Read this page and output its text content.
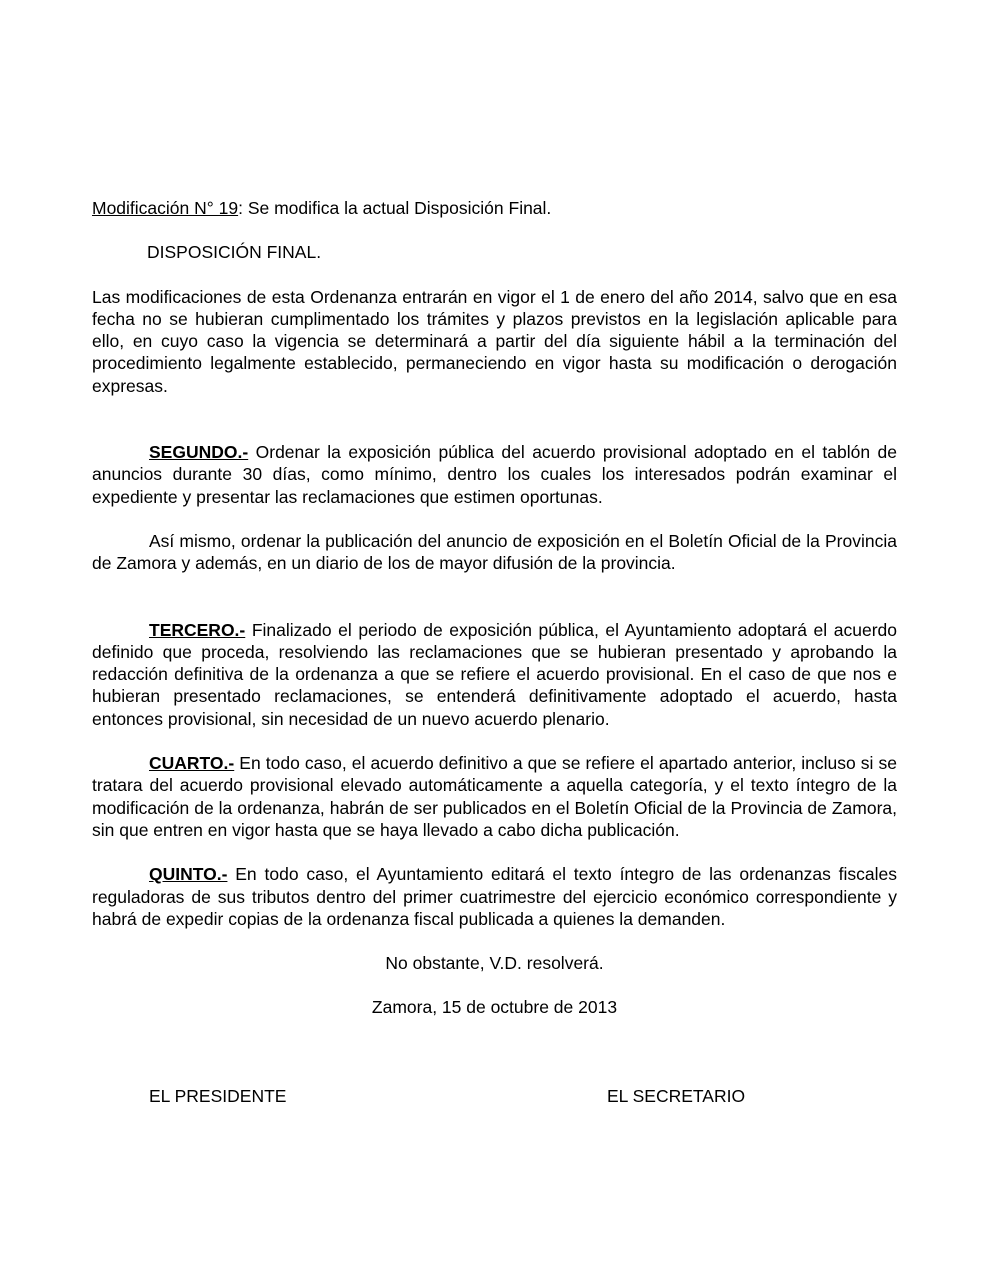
Modificación N° 19: Se modifica la actual Disposición Final.

DISPOSICIÓN FINAL.

Las modificaciones de esta Ordenanza entrarán en vigor el 1 de enero del año 2014, salvo que en esa fecha no se hubieran cumplimentado los trámites y plazos previstos en la legislación aplicable para ello, en cuyo caso la vigencia se determinará a partir del día siguiente hábil a la terminación del procedimiento legalmente establecido, permaneciendo en vigor hasta su modificación o derogación expresas.

SEGUNDO.- Ordenar la exposición pública del acuerdo provisional adoptado en el tablón de anuncios durante 30 días, como mínimo, dentro los cuales los interesados podrán examinar el expediente y presentar las reclamaciones que estimen oportunas.

Así mismo, ordenar la publicación del anuncio de exposición en el Boletín Oficial de la Provincia de Zamora y además, en un diario de los de mayor difusión de la provincia.

TERCERO.- Finalizado el periodo de exposición pública, el Ayuntamiento adoptará el acuerdo definido que proceda, resolviendo las reclamaciones que se hubieran presentado y aprobando la redacción definitiva de la ordenanza a que se refiere el acuerdo provisional. En el caso de que nos e hubieran presentado reclamaciones, se entenderá definitivamente adoptado el acuerdo, hasta entonces provisional, sin necesidad de un nuevo acuerdo plenario.

CUARTO.- En todo caso, el acuerdo definitivo a que se refiere el apartado anterior, incluso si se tratara del acuerdo provisional elevado automáticamente a aquella categoría, y el texto íntegro de la modificación de la ordenanza, habrán de ser publicados en el Boletín Oficial de la Provincia de Zamora, sin que entren en vigor hasta que se haya llevado a cabo dicha publicación.

QUINTO.- En todo caso, el Ayuntamiento editará el texto íntegro de las ordenanzas fiscales reguladoras de sus tributos dentro del primer cuatrimestre del ejercicio económico correspondiente y habrá de expedir copias de la ordenanza fiscal publicada a quienes la demanden.

No obstante, V.D. resolverá.

Zamora, 15 de octubre de 2013

EL PRESIDENTE	EL SECRETARIO
